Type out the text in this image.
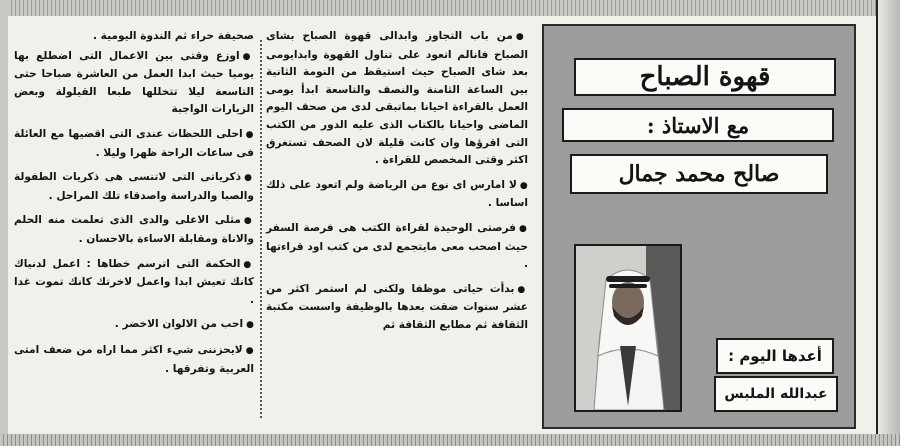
قهوة الصباح
مع الاستاذ :
صالح محمد جمال
أعدها اليوم :
عبدالله الملبس

●من باب التجاوز وابدالى قهوة الصباح بشاى الصباح فانالم اتعود على تناول القهوة وابدايومى بعد شاى الصباح حيث استيقظ من النومة الثانية بين الساعة الثامنة والنصف والتاسعة ابدأ يومى العمل بالقراءة احيانا بماتبقى لدى من صحف اليوم الماضى واحيانا بالكتاب الذى عليه الدور من الكتب التى اقرؤها وان كانت قليلة لان الصحف تستغرق اكثر وقتى المخصص للقراءة .

●لا امارس اى نوع من الرياضة ولم اتعود على ذلك اساسا .

●فرصتى الوحيدة لقراءة الكتب هى فرصة السفر حيث اصحب معى مايتجمع لدى من كتب اود قراءتها .

●بدأت حياتى موظفا ولكنى لم استمر اكثر من عشر سنوات ضقت بعدها بالوظيفة واسست مكتبة الثقافة ثم مطابع الثقافة ثم

صحيفة حراء ثم الندوة اليومية .

●اوزع وقتى بين الاعمال التى اضطلع بها يوميا حيث ابدا العمل من العاشرة صباحا حتى التاسعة ليلا تتخللها طبعا القيلولة وبعض الزيارات الواجبة

●احلى اللحظات عندى التى اقضيها مع العائلة فى ساعات الراحة ظهرا وليلا .

●ذكرياتى التى لاتنسى هى ذكريات الطفولة والصبا والدراسة واصدقاء تلك المراحل .

●مثلى الاعلى والدى الذى تعلمت منه الحلم والاناة ومقابلة الاساءة بالاحسان .

●الحكمة التى اترسم خطاها : اعمل لدنياك كانك تعيش ابدا واعمل لاخرتك كانك تموت غدا .

●احب من الالوان الاخضر .

●لايحزننى شيء اكثر مما اراه من ضعف امتى العربية وتفرقها .
